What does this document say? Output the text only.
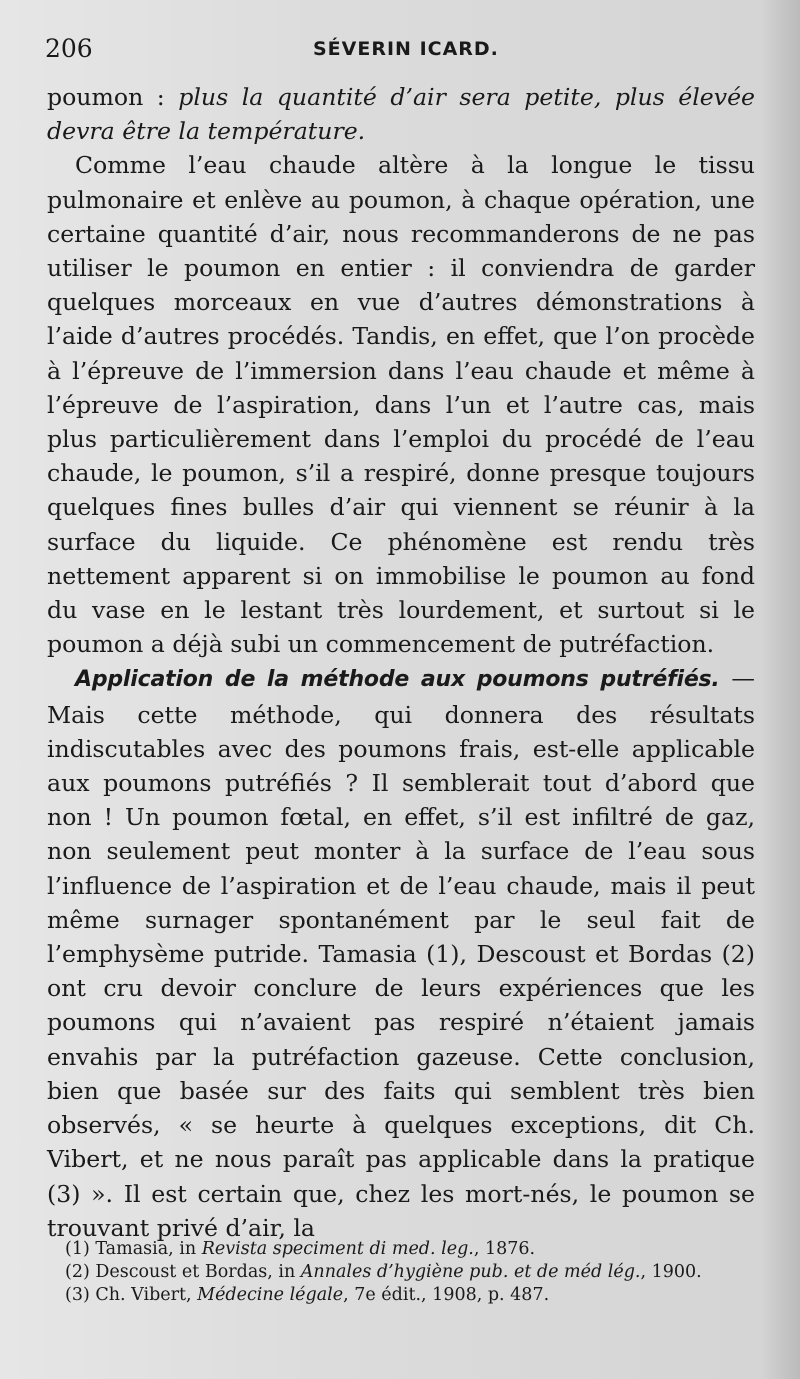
206	SÉVERIN ICARD.

poumon : plus la quantité d’air sera petite, plus élevée devra être la température.

Comme l’eau chaude altère à la longue le tissu pulmonaire et enlève au poumon, à chaque opération, une certaine quantité d’air, nous recommanderons de ne pas utiliser le poumon en entier : il conviendra de garder quelques morceaux en vue d’autres démonstrations à l’aide d’autres procédés. Tandis, en effet, que l’on procède à l’épreuve de l’immersion dans l’eau chaude et même à l’épreuve de l’aspiration, dans l’un et l’autre cas, mais plus particulièrement dans l’emploi du procédé de l’eau chaude, le poumon, s’il a respiré, donne presque toujours quelques fines bulles d’air qui viennent se réunir à la surface du liquide. Ce phénomène est rendu très nettement apparent si on immobilise le poumon au fond du vase en le lestant très lourdement, et surtout si le poumon a déjà subi un commencement de putréfaction.

Application de la méthode aux poumons putréfiés. — Mais cette méthode, qui donnera des résultats indiscutables avec des poumons frais, est-elle applicable aux poumons putréfiés ? Il semblerait tout d’abord que non ! Un poumon fœtal, en effet, s’il est infiltré de gaz, non seulement peut monter à la surface de l’eau sous l’influence de l’aspiration et de l’eau chaude, mais il peut même surnager spontanément par le seul fait de l’emphysème putride. Tamasia (1), Descoust et Bordas (2) ont cru devoir conclure de leurs expériences que les poumons qui n’avaient pas respiré n’étaient jamais envahis par la putréfaction gazeuse. Cette conclusion, bien que basée sur des faits qui semblent très bien observés, « se heurte à quelques exceptions, dit Ch. Vibert, et ne nous paraît pas applicable dans la pratique (3) ». Il est certain que, chez les mort-nés, le poumon se trouvant privé d’air, la

(1) Tamasia, in Revista speciment di med. leg., 1876.

(2) Descoust et Bordas, in Annales d’hygiène pub. et de méd lég., 1900.

(3) Ch. Vibert, Médecine légale, 7e édit., 1908, p. 487.
